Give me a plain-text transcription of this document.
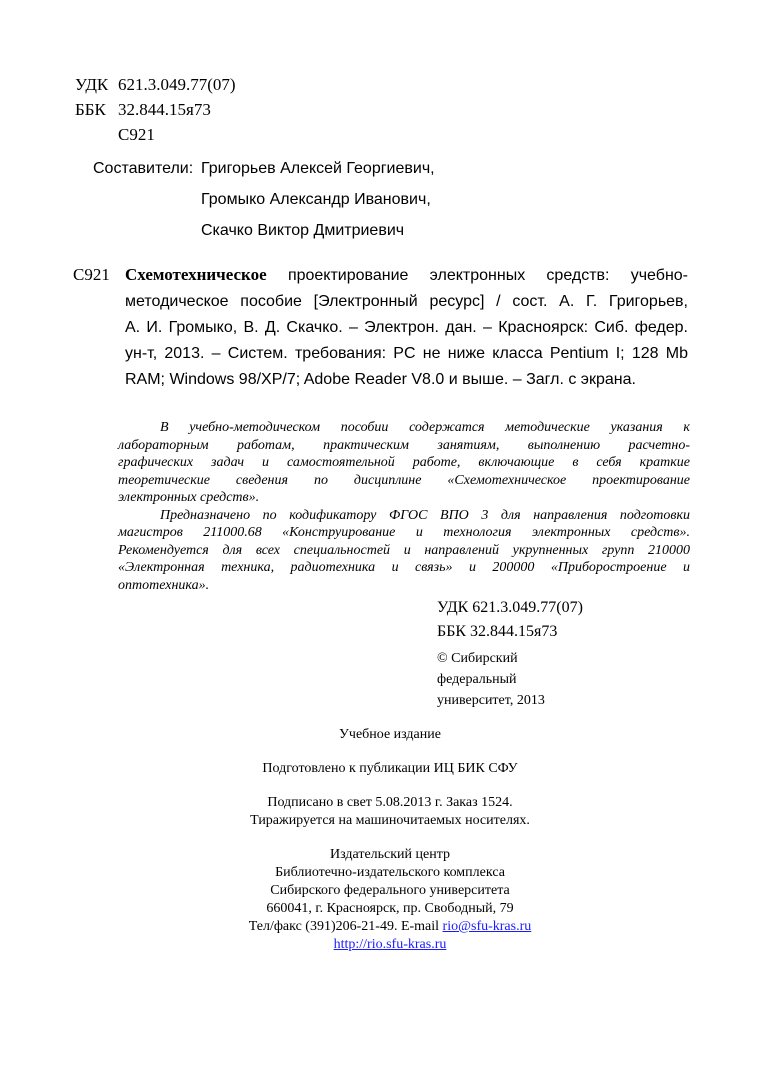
УДК 621.3.049.77(07)
ББК 32.844.15я73
С921
Составители: Григорьев Алексей Георгиевич,
Громыко Александр Иванович,
Скачко Виктор Дмитриевич
С921 Схемотехническое проектирование электронных средств: учебно-
методическое пособие [Электронный ресурс] / сост. А. Г. Григорьев,
А. И. Громыко, В. Д. Скачко. – Электрон. дан. – Красноярск: Сиб. федер.
ун-т, 2013. – Систем. требования: PC не ниже класса Pentium I; 128 Mb
RAM; Windows 98/XP/7; Adobe Reader V8.0 и выше. – Загл. с экрана.
В учебно-методическом пособии содержатся методические указания к
лабораторным работам, практическим занятиям, выполнению расчетно-
графических задач и самостоятельной работе, включающие в себя краткие
теоретические сведения по дисциплине «Схемотехническое проектирование
электронных средств».
Предназначено по кодификатору ФГОС ВПО 3 для направления подготовки
магистров 211000.68 «Конструирование и технология электронных средств».
Рекомендуется для всех специальностей и направлений укрупненных групп 210000
«Электронная техника, радиотехника и связь» и 200000 «Приборостроение и
оптотехника».
УДК 621.3.049.77(07)
ББК 32.844.15я73
© Сибирский
федеральный
университет, 2013
Учебное издание
Подготовлено к публикации ИЦ БИК СФУ
Подписано в свет 5.08.2013 г. Заказ 1524.
Тиражируется на машиночитаемых носителях.
Издательский центр
Библиотечно-издательского комплекса
Сибирского федерального университета
660041, г. Красноярск, пр. Свободный, 79
Тел/факс (391)206-21-49. E-mail rio@sfu-kras.ru
http://rio.sfu-kras.ru
